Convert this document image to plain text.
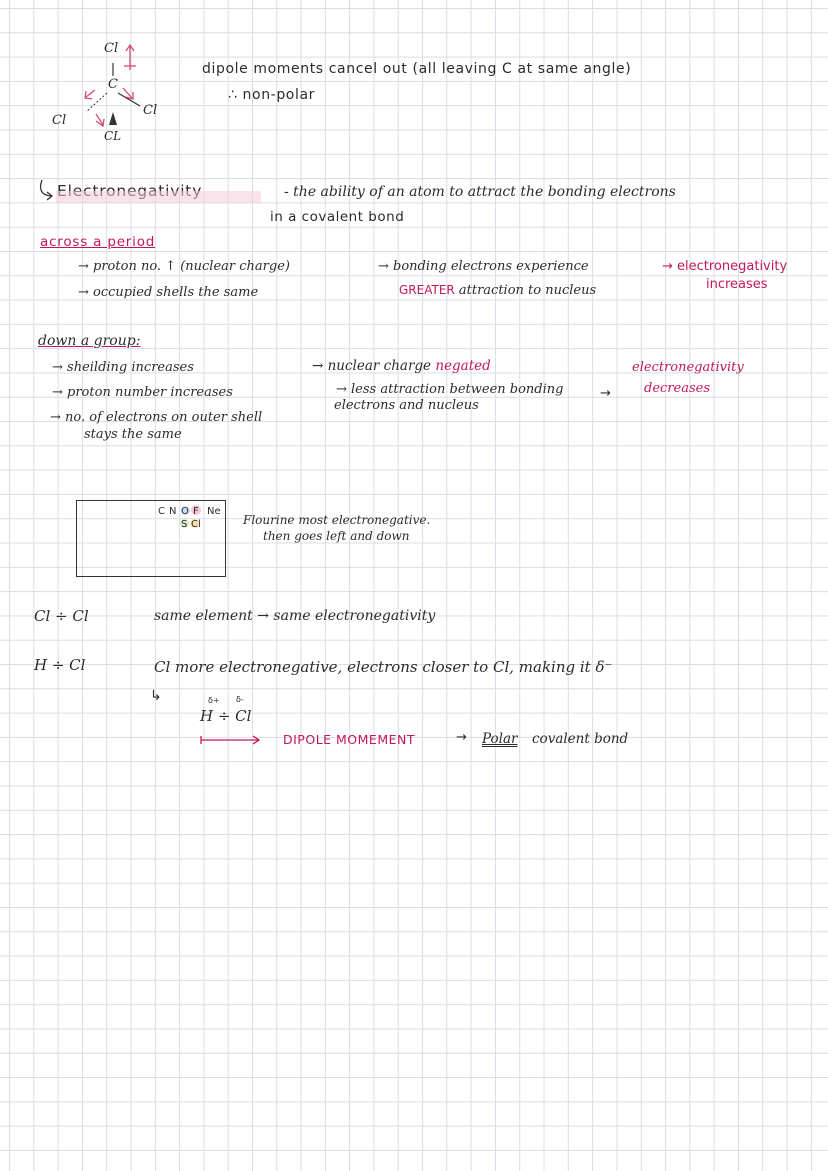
Cl
C
Cl
Cl
CL
dipole moments cancel out (all leaving C at same angle)
∴ non-polar
- the ability of an atom to attract the bonding electrons
in a covalent bond
across a period
→ proton no. ↑ (nuclear charge)
→ occupied shells the same
→ bonding electrons experience
GREATER attraction to nucleus
→ electronegativity
increases
down a group:
→ sheilding increases
→ proton number increases
→ no. of electrons on outer shell
stays the same
→ nuclear charge negated
→ less attraction between bonding
electrons and nucleus
→
electronegativity
decreases
C N O F Ne
S Cl	Flourine most electronegative.
then goes left and down
Cl ÷ Cl	same element → same electronegativity
H ÷ Cl	Cl more electronegative, electrons closer to Cl, making it δ⁻
↳	δ+ δ-
H ÷ Cl
DIPOLE MOMEMENT	→ Polar covalent bond
